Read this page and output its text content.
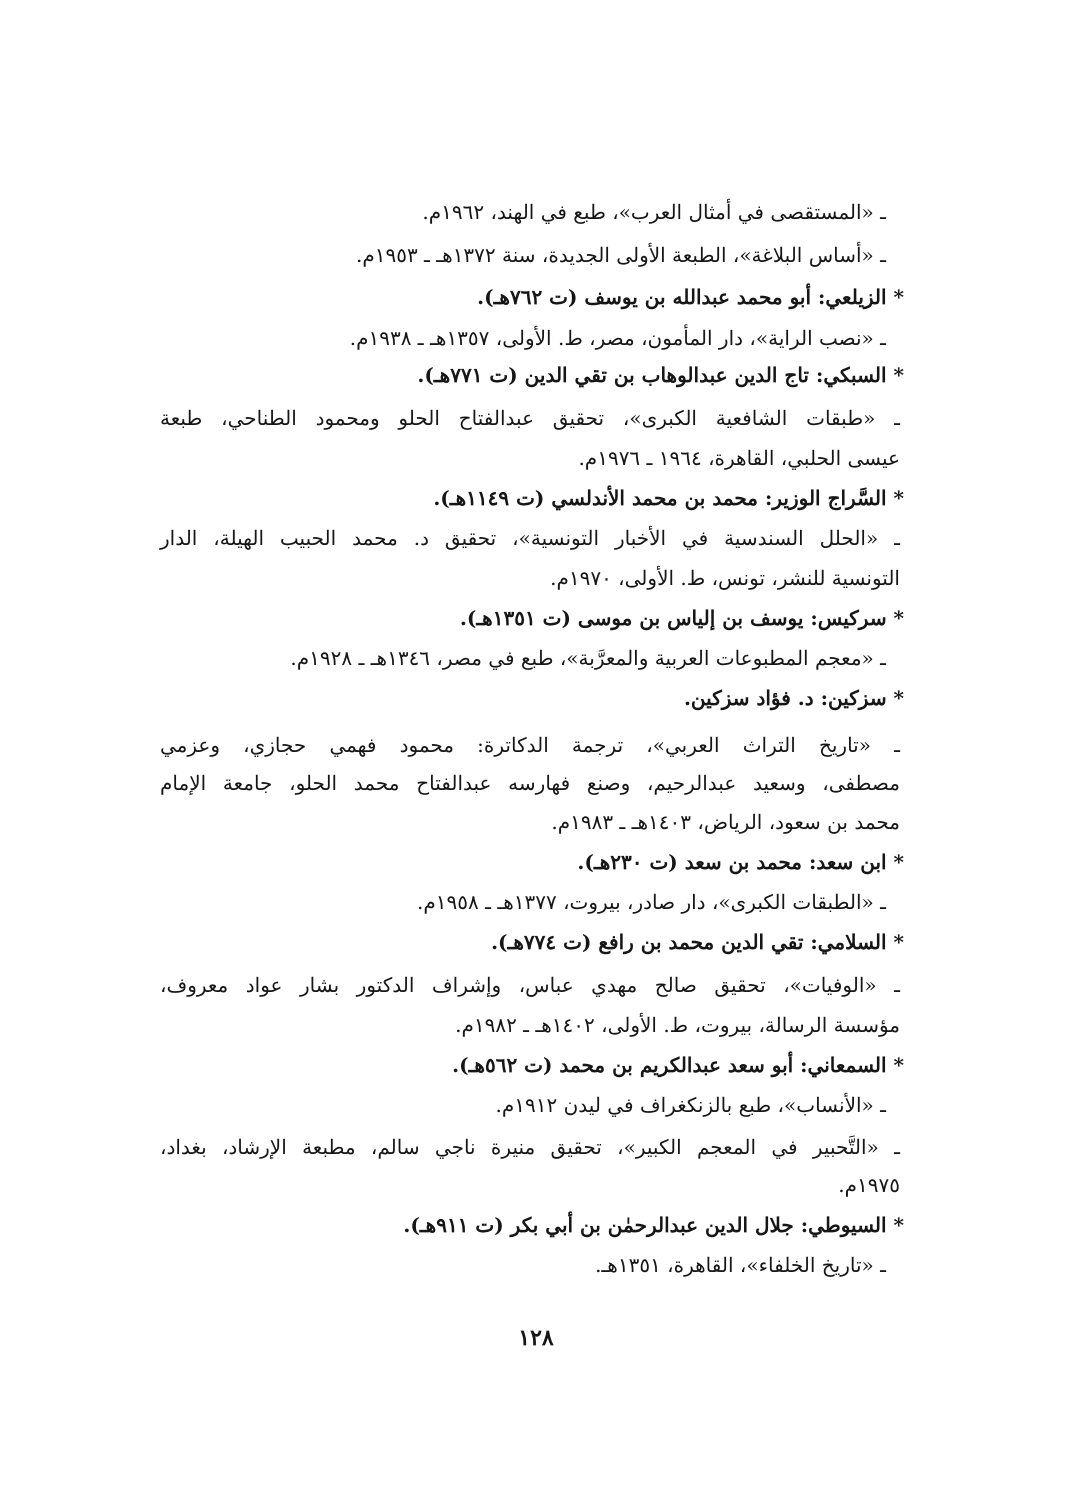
ـ «المستقصى في أمثال العرب»، طبع في الهند، ١٩٦٢م.
ـ «أساس البلاغة»، الطبعة الأولى الجديدة، سنة ١٣٧٢هـ ـ ١٩٥٣م.
* الزيلعي: أبو محمد عبدالله بن يوسف (ت ٧٦٢هـ).
ـ «نصب الراية»، دار المأمون، مصر، ط. الأولى، ١٣٥٧هـ ـ ١٩٣٨م.
* السبكي: تاج الدين عبدالوهاب بن تقي الدين (ت ٧٧١هـ).
ـ «طبقات الشافعية الكبرى»، تحقيق عبدالفتاح الحلو ومحمود الطناحي، طبعة
عيسى الحلبي، القاهرة، ١٩٦٤ ـ ١٩٧٦م.
* السَّراج الوزير: محمد بن محمد الأندلسي (ت ١١٤٩هـ).
ـ «الحلل السندسية في الأخبار التونسية»، تحقيق د. محمد الحبيب الهيلة، الدار
التونسية للنشر، تونس، ط. الأولى، ١٩٧٠م.
* سركيس: يوسف بن إلياس بن موسى (ت ١٣٥١هـ).
ـ «معجم المطبوعات العربية والمعرَّبة»، طبع في مصر، ١٣٤٦هـ ـ ١٩٢٨م.
* سزكين: د. فؤاد سزكين.
ـ «تاريخ التراث العربي»، ترجمة الدكاترة: محمود فهمي حجازي، وعزمي
مصطفى، وسعيد عبدالرحيم، وصنع فهارسه عبدالفتاح محمد الحلو، جامعة الإمام
محمد بن سعود، الرياض، ١٤٠٣هـ ـ ١٩٨٣م.
* ابن سعد: محمد بن سعد (ت ٢٣٠هـ).
ـ «الطبقات الكبرى»، دار صادر، بيروت، ١٣٧٧هـ ـ ١٩٥٨م.
* السلامي: تقي الدين محمد بن رافع (ت ٧٧٤هـ).
ـ «الوفيات»، تحقيق صالح مهدي عباس، وإشراف الدكتور بشار عواد معروف،
مؤسسة الرسالة، بيروت، ط. الأولى، ١٤٠٢هـ ـ ١٩٨٢م.
* السمعاني: أبو سعد عبدالكريم بن محمد (ت ٥٦٢هـ).
ـ «الأنساب»، طبع بالزنكغراف في ليدن ١٩١٢م.
ـ «التَّحبير في المعجم الكبير»، تحقيق منيرة ناجي سالم، مطبعة الإرشاد، بغداد،
١٩٧٥م.
* السيوطي: جلال الدين عبدالرحمٰن بن أبي بكر (ت ٩١١هـ).
ـ «تاريخ الخلفاء»، القاهرة، ١٣٥١هـ.
١٢٨
